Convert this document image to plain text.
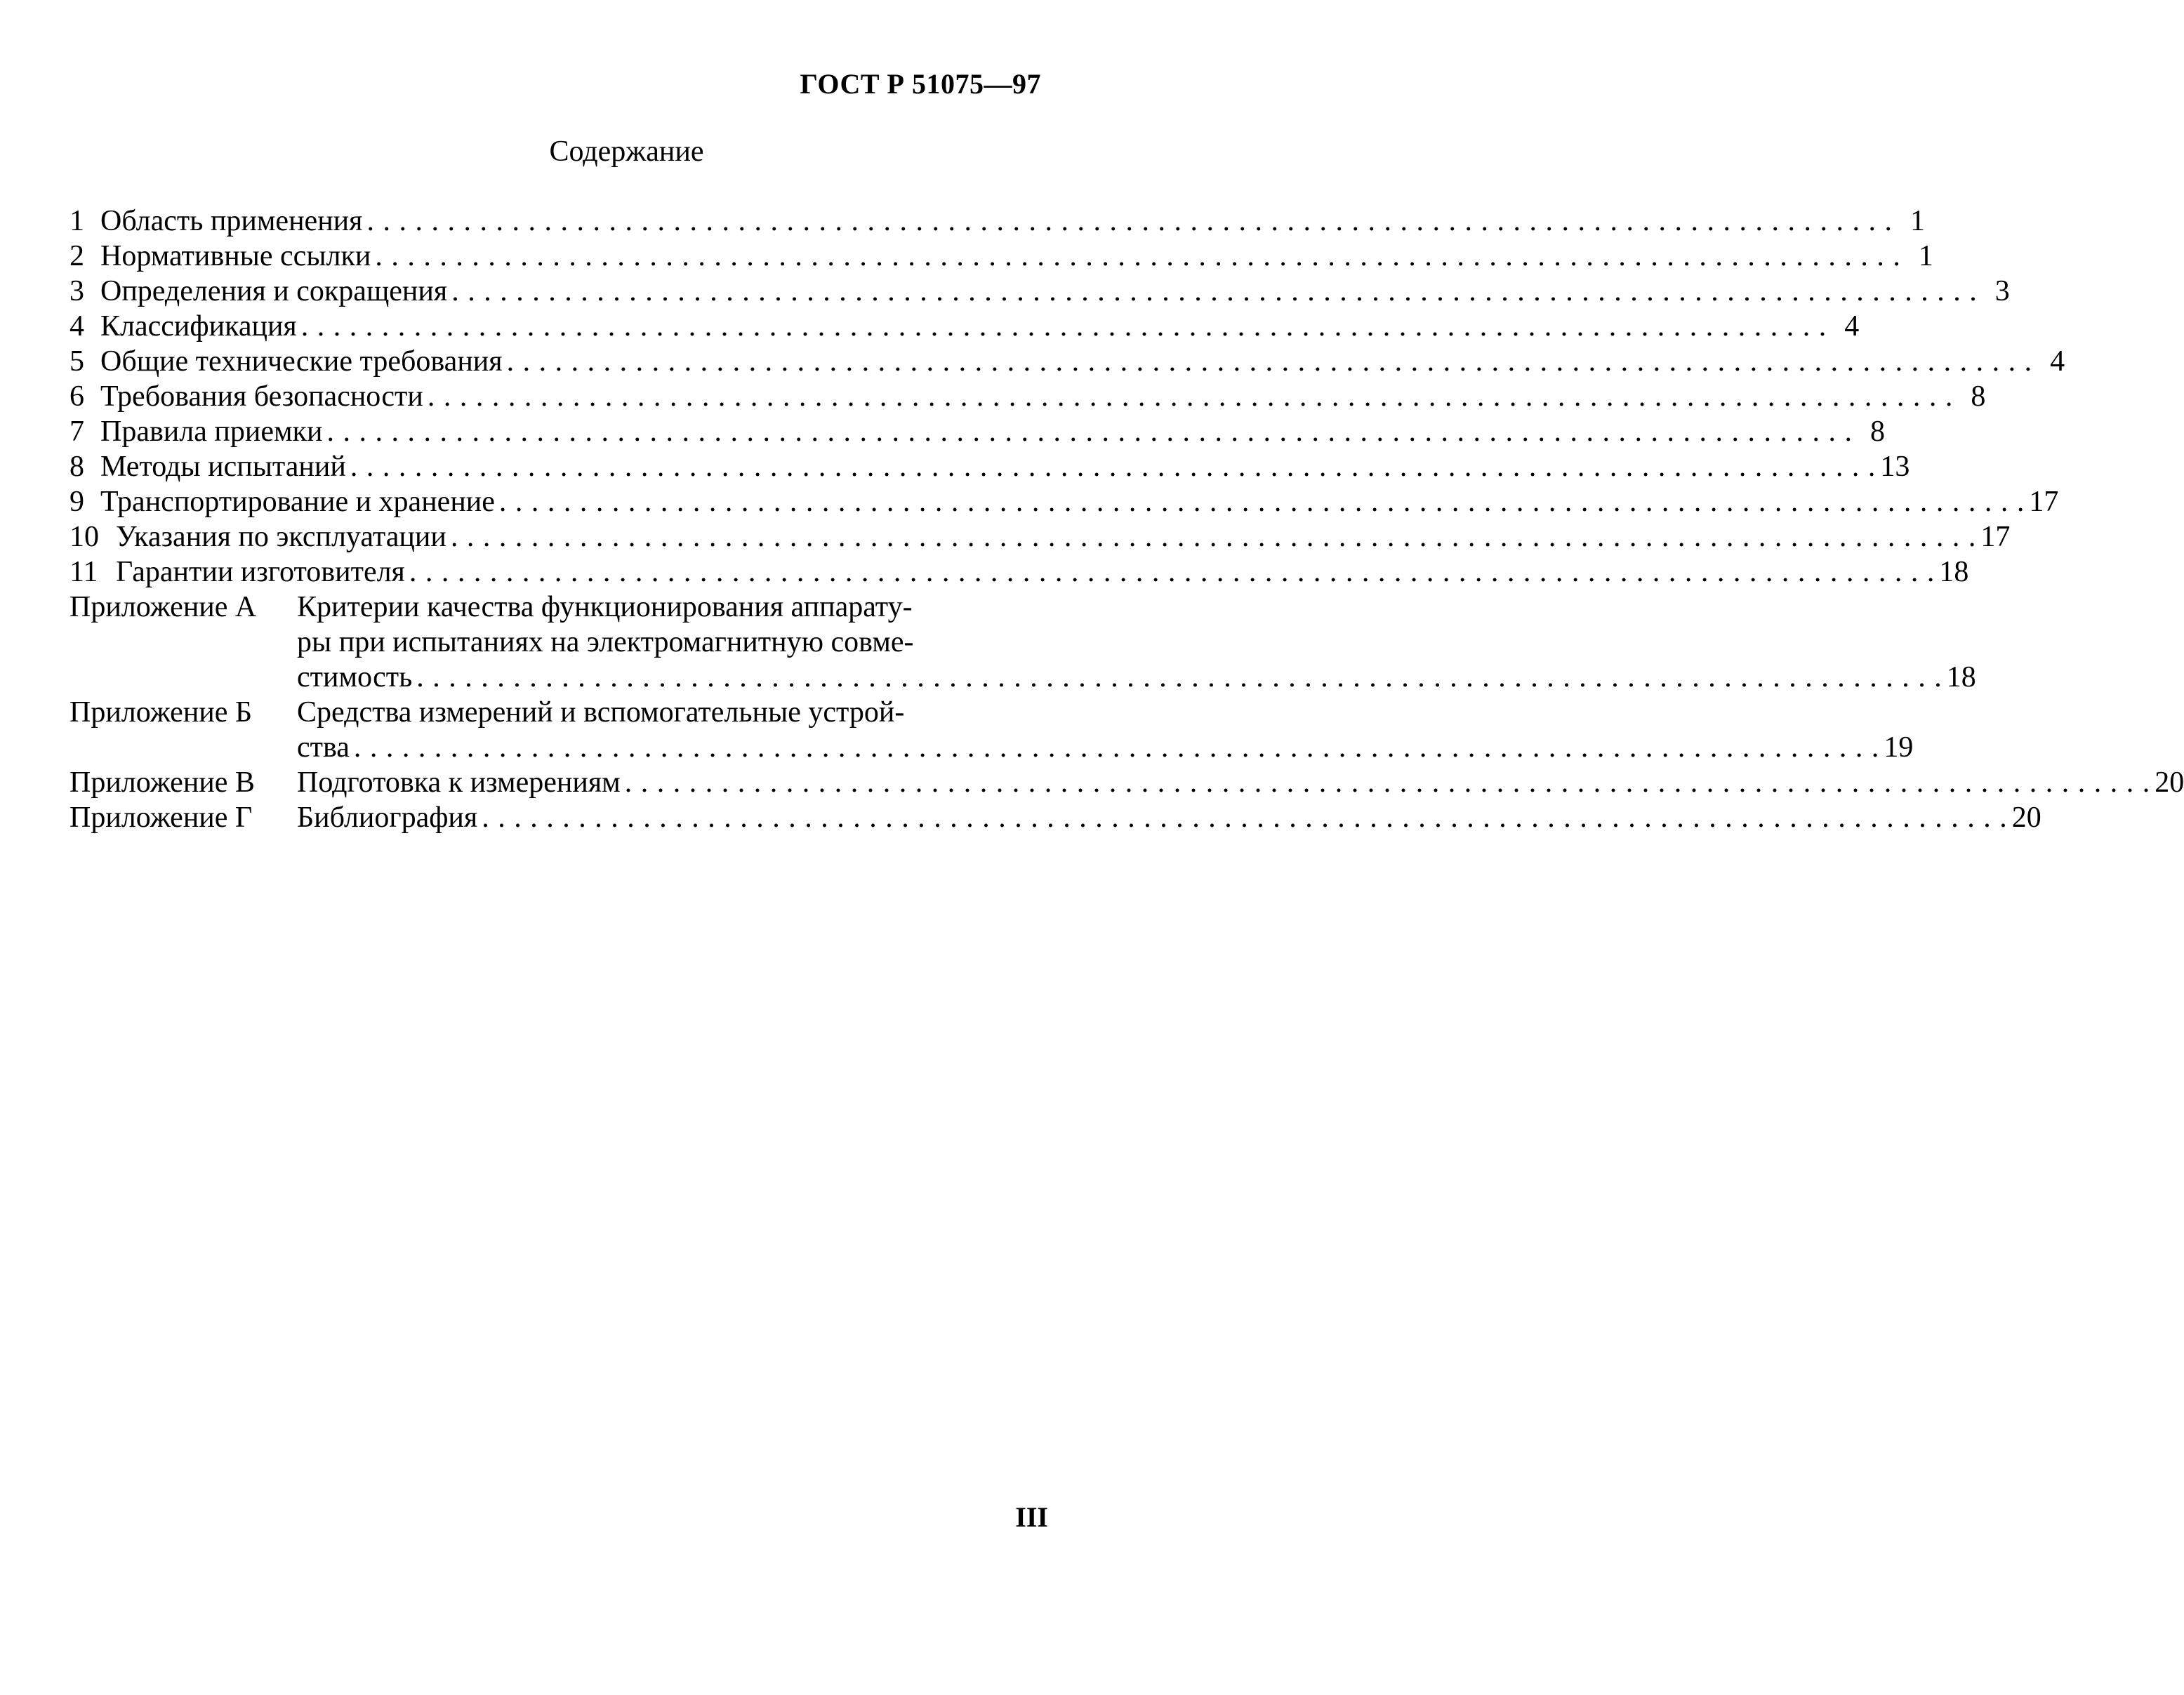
ГОСТ Р 51075—97
Содержание
1 Область применения . . .	1
2 Нормативные ссылки . . .	1
3 Определения и сокращения . . .	3
4 Классификация . . .	4
5 Общие технические требования . . .	4
6 Требования безопасности . . .	8
7 Правила приемки . . .	8
8 Методы испытаний . . .	13
9 Транспортирование и хранение . . .	17
10 Указания по эксплуатации . . .	17
11 Гарантии изготовителя . . .	18
Приложение А	Критерии качества функционирования аппарату-
ры при испытаниях на электромагнитную совме-
стимость . . .	18
Приложение Б	Средства измерений и вспомогательные устрой-
ства . . .	19
Приложение В	Подготовка к измерениям . . .	20
Приложение Г	Библиография . . .	20
III
